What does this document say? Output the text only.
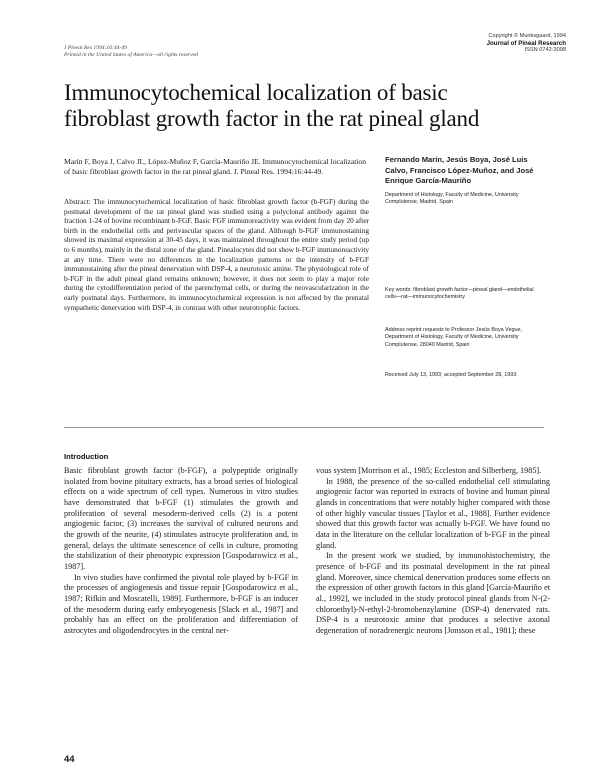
J Pineal Res 1994:16:44-49
Printed in the United States of America—all rights reserved
Copyright © Munksgaard, 1994
Journal of Pineal Research
ISSN 0742-3098
Immunocytochemical localization of basic
fibroblast growth factor in the rat pineal gland
Marín F, Boya J, Calvo JL, López-Muñoz F, García-Mauriño JE. Immunocytochemical localization of basic fibroblast growth factor in the rat pineal gland. J. Pineal Res. 1994:16:44-49.
Abstract: The immunocytochemical localization of basic fibroblast growth factor (b-FGF) during the postnatal development of the rat pineal gland was studied using a polyclonal antibody against the fraction 1-24 of bovine recombinant b-FGF. Basic FGF immunoreactivity was evident from day 20 after birth in the endothelial cells and perivascular spaces of the gland. Although b-FGF immunostaining showed its maximal expression at 30-45 days, it was maintained throughout the entire study period (up to 6 months), mainly in the distal zone of the gland. Pinealocytes did not show b-FGF immunoreactivity at any time. There were no differences in the localization patterns or the intensity of b-FGF immunostaining after the pineal denervation with DSP-4, a neurotoxic amine. The physiological role of b-FGF in the adult pineal gland remains unknown; however, it does not seem to play a major role during the cytodifferentiation period of the parenchymal cells, or during the neovascularization in the early postnatal days. Furthermore, its immunocytochemical expression is not affected by the prenatal sympathetic denervation with DSP-4, in contrast with other neurotrophic factors.
Fernando Marín, Jesús Boya, José Luis Calvo, Francisco López-Muñoz, and José Enrique García-Mauriño
Department of Histology, Faculty of Medicine, University Complutense, Madrid, Spain
Key words: fibroblast growth factor—pineal gland—endothelial cells—rat—immunocytochemistry
Address reprint requests to Professor Jesús Boya Vegue, Department of Histology, Faculty of Medicine, University Complutense, 28040 Madrid, Spain
Received July 13, 1993; accepted September 28, 1993.
Introduction

Basic fibroblast growth factor (b-FGF), a polypeptide originally isolated from bovine pituitary extracts, has a broad series of biological effects on a wide spectrum of cell types. Numerous in vitro studies have demonstrated that b-FGF (1) stimulates the growth and proliferation of several mesoderm-derived cells (2) is a potent angiogenic factor, (3) increases the survival of cultured neurons and the growth of the neurite, (4) stimulates astrocyte proliferation and, in general, delays the ultimate senescence of cells in culture, promoting the stabilization of their phenotypic expression [Gospodarowicz et al., 1987].

In vivo studies have confirmed the pivotal role played by b-FGF in the processes of angiogenesis and tissue repair [Gospodarowicz et al., 1987; Rifkin and Moscatelli, 1989]. Furthermore, b-FGF is an inducer of the mesoderm during early embryogenesis [Slack et al., 1987] and probably has an effect on the proliferation and differentiation of astrocytes and oligodendrocytes in the central ner-

vous system [Morrison et al., 1985; Eccleston and Silberberg, 1985].

In 1988, the presence of the so-called endothelial cell stimulating angiogenic factor was reported in extracts of bovine and human pineal glands in concentrations that were notably higher compared with those of other highly vascular tissues [Taylor et al., 1988]. Further evidence showed that this growth factor was actually b-FGF. We have found no data in the literature on the cellular localization of b-FGF in the pineal gland.

In the present work we studied, by immunohistochemistry, the presence of b-FGF and its postnatal development in the rat pineal gland. Moreover, since chemical denervation produces some effects on the expression of other growth factors in this gland [García-Mauriño et al., 1992], we included in the study protocol pineal glands from N-(2-chloroethyl)-N-ethyl-2-bromobenzylamine (DSP-4) denervated rats. DSP-4 is a neurotoxic amine that produces a selective axonal degeneration of noradrenergic neurons [Jonsson et al., 1981]; these

44
